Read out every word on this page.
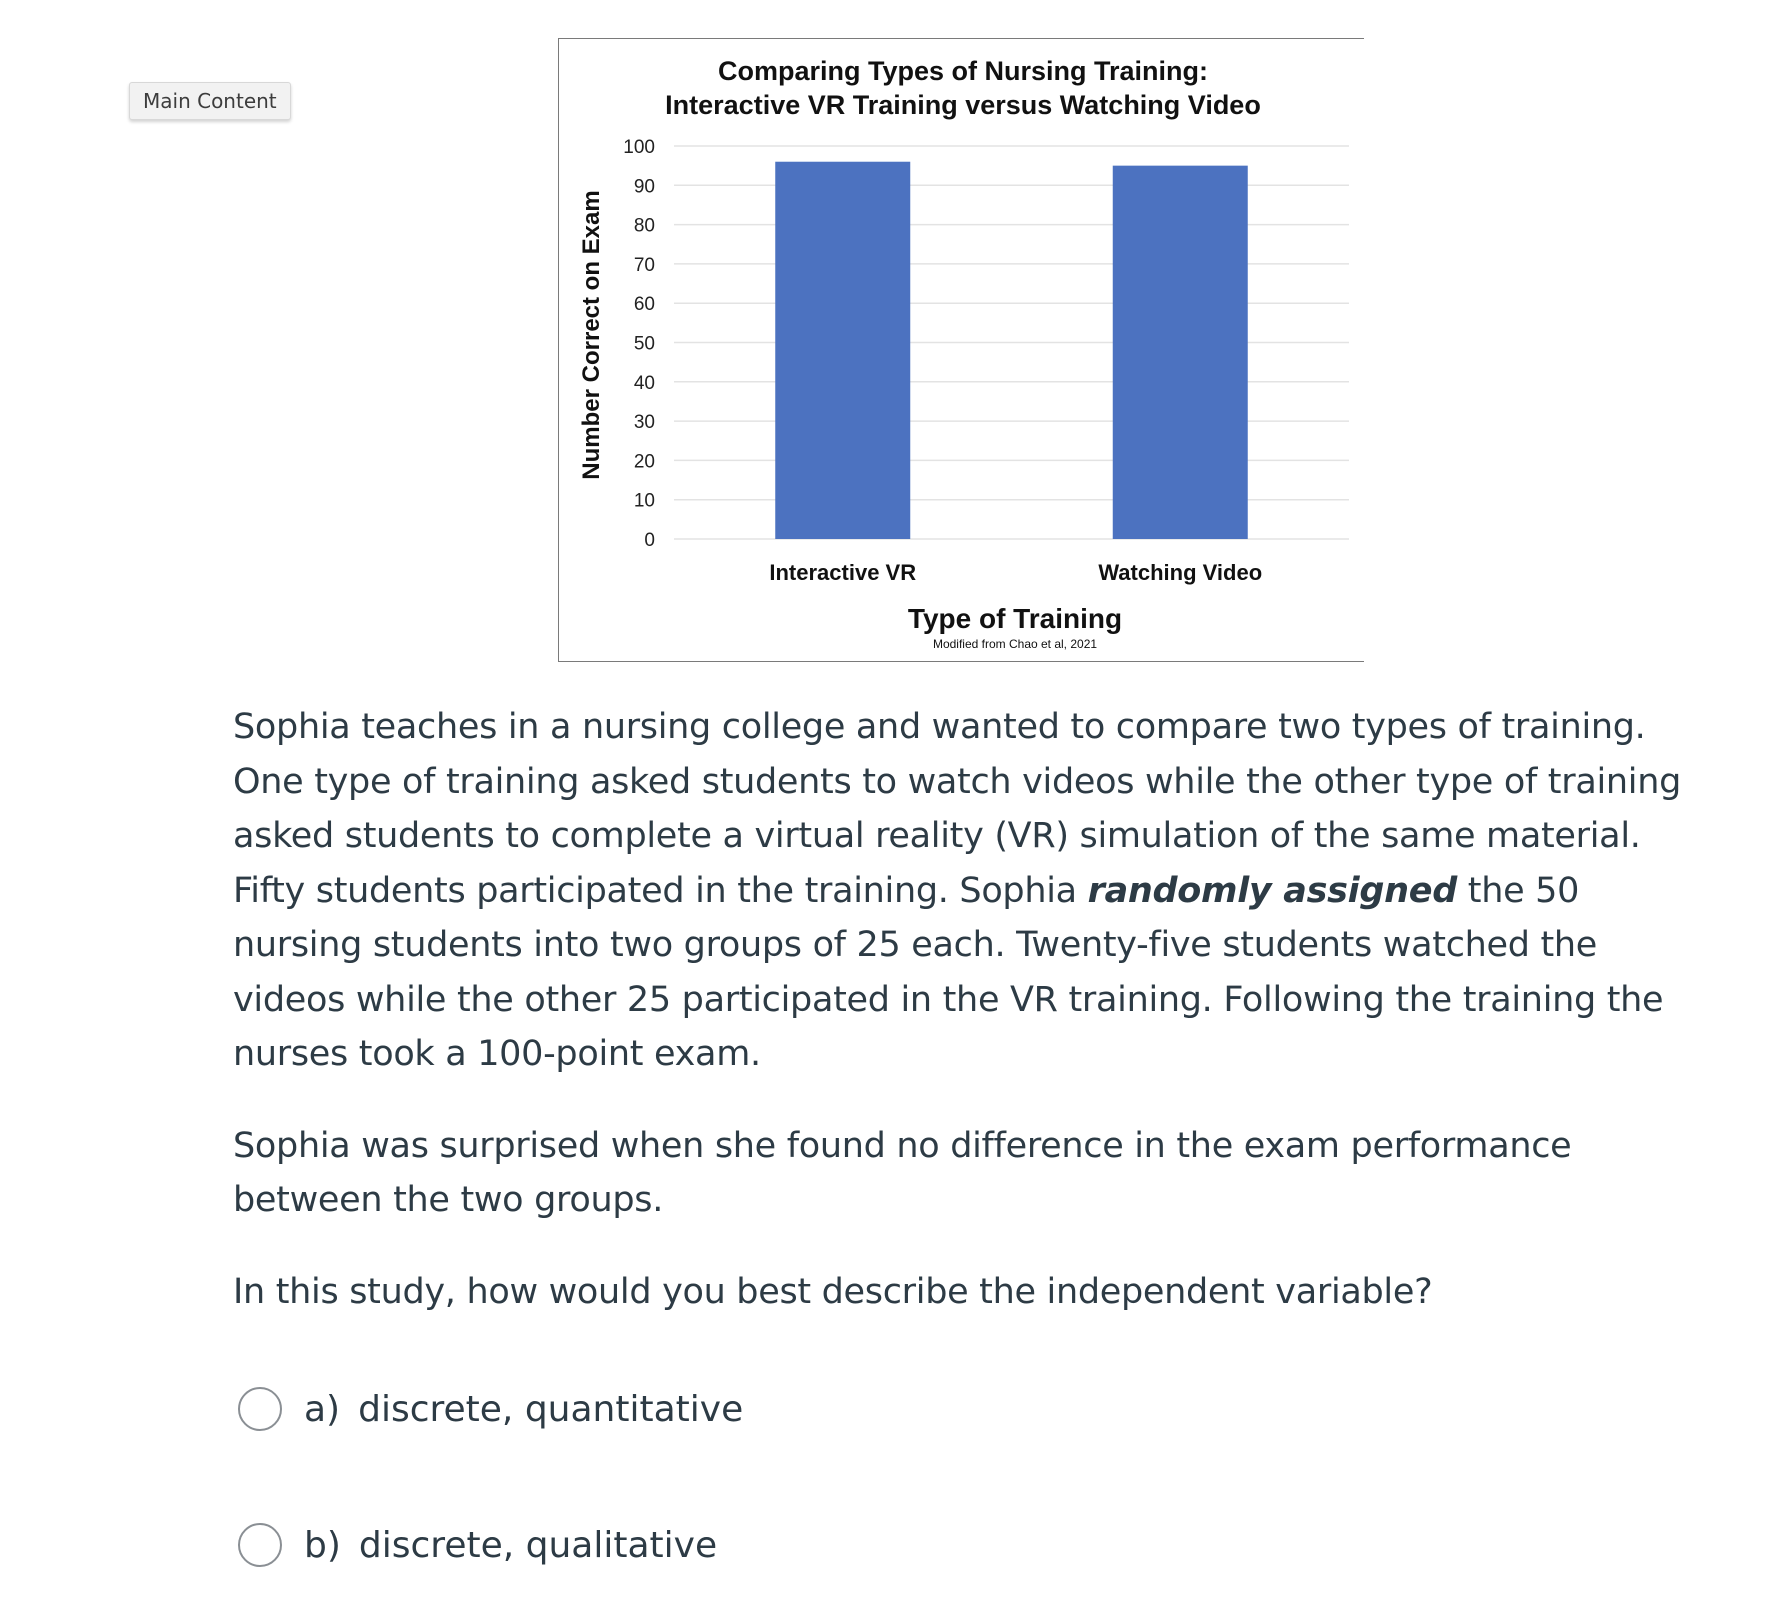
Main Content
Comparing Types of Nursing Training:
Interactive VR Training versus Watching Video
0
10
20
30
40
50
60
70
80
90
100
Interactive VR	Watching Video
Number Correct on Exam
Type of Training
Modified from Chao et al, 2021

Sophia teaches in a nursing college and wanted to compare two types of training. One type of training asked students to watch videos while the other type of training asked students to complete a virtual reality (VR) simulation of the same material. Fifty students participated in the training. Sophia randomly assigned the 50 nursing students into two groups of 25 each. Twenty-five students watched the videos while the other 25 participated in the VR training. Following the training the nurses took a 100-point exam.

Sophia was surprised when she found no difference in the exam performance between the two groups.

In this study, how would you best describe the independent variable?

a) discrete, quantitative
b) discrete, qualitative
